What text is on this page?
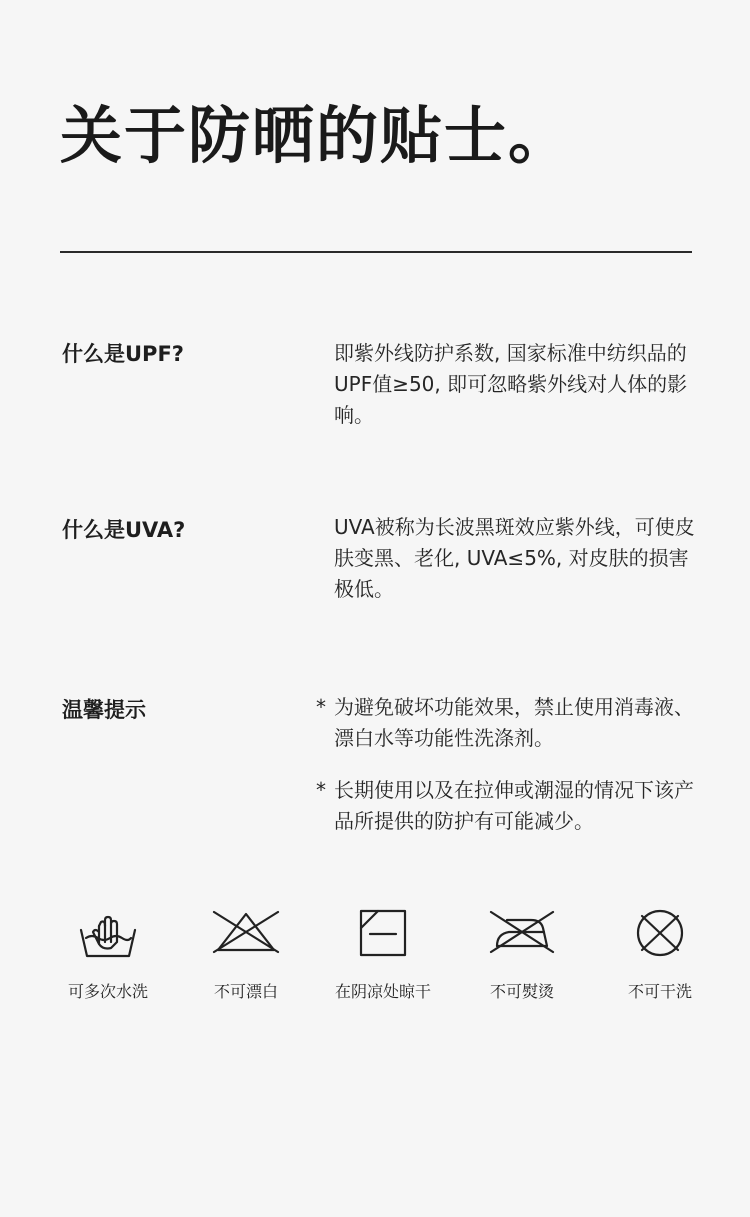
关于防晒的贴士。
什么是UPF?	即紫外线防护系数, 国家标准中纺织品的UPF值≥50, 即可忽略紫外线对人体的影响。
什么是UVA?	UVA被称为长波黑斑效应紫外线，可使皮肤变黑、老化, UVA≤5%, 对皮肤的损害极低。
温馨提示	* 为避免破坏功能效果，禁止使用消毒液、漂白水等功能性洗涤剂。
* 长期使用以及在拉伸或潮湿的情况下该产品所提供的防护有可能减少。
可多次水洗	不可漂白	在阴凉处晾干	不可熨烫	不可干洗
